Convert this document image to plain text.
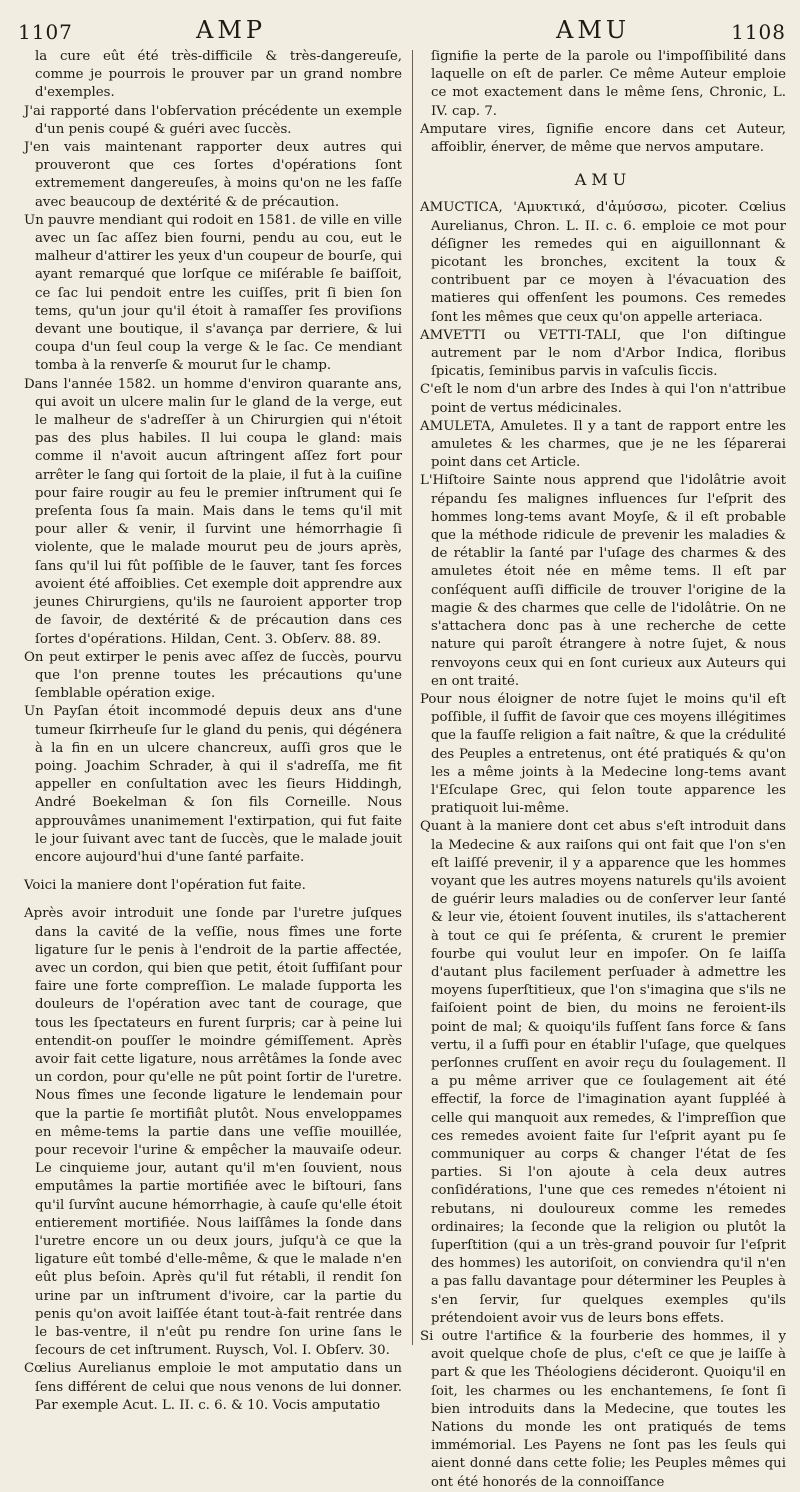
1107	AMP	AMU	1108

la cure eût été très-difficile & très-dangereuſe, comme je pourrois le prouver par un grand nombre d'exemples.

J'ai rapporté dans l'obſervation précédente un exemple d'un penis coupé & guéri avec ſuccès.

J'en vais maintenant rapporter deux autres qui prouveront que ces ſortes d'opérations ſont extremement dangereuſes, à moins qu'on ne les faſſe avec beaucoup de dextérité & de précaution.

Un pauvre mendiant qui rodoit en 1581. de ville en ville avec un ſac aſſez bien fourni, pendu au cou, eut le malheur d'attirer les yeux d'un coupeur de bourſe, qui ayant remarqué que lorſque ce miſérable ſe baiſſoit, ce ſac lui pendoit entre les cuiſſes, prit ſi bien ſon tems, qu'un jour qu'il étoit à ramaſſer ſes proviſions devant une boutique, il s'avança par derriere, & lui coupa d'un ſeul coup la verge & le ſac. Ce mendiant tomba à la renverſe & mourut ſur le champ.

Dans l'année 1582. un homme d'environ quarante ans, qui avoit un ulcere malin ſur le gland de la verge, eut le malheur de s'adreſſer à un Chirurgien qui n'étoit pas des plus habiles. Il lui coupa le gland: mais comme il n'avoit aucun aſtringent aſſez fort pour arrêter le ſang qui ſortoit de la plaie, il fut à la cuiſine pour faire rougir au feu le premier inſtrument qui ſe preſenta ſous ſa main. Mais dans le tems qu'il mit pour aller & venir, il ſurvint une hémorrhagie ſi violente, que le malade mourut peu de jours après, ſans qu'il lui fût poſſible de le ſauver, tant ſes forces avoient été affoiblies. Cet exemple doit apprendre aux jeunes Chirurgiens, qu'ils ne ſauroient apporter trop de ſavoir, de dextérité & de précaution dans ces ſortes d'opérations. Hildan, Cent. 3. Obſerv. 88. 89.

On peut extirper le penis avec aſſez de ſuccès, pourvu que l'on prenne toutes les précautions qu'une ſemblable opération exige.

Un Payſan étoit incommodé depuis deux ans d'une tumeur ſkirrheuſe ſur le gland du penis, qui dégénera à la fin en un ulcere chancreux, auſſi gros que le poing. Joachim Schrader, à qui il s'adreſſa, me fit appeller en conſultation avec les ſieurs Hiddingh, André Boekelman & ſon fils Corneille. Nous approuvâmes unanimement l'extirpation, qui fut faite le jour ſuivant avec tant de ſuccès, que le malade jouit encore aujourd'hui d'une ſanté parfaite.

Voici la maniere dont l'opération fut faite.

Après avoir introduit une ſonde par l'uretre juſques dans la cavité de la veſſie, nous fîmes une forte ligature ſur le penis à l'endroit de la partie affectée, avec un cordon, qui bien que petit, étoit ſuffiſant pour faire une forte compreſſion. Le malade ſupporta les douleurs de l'opération avec tant de courage, que tous les ſpectateurs en furent ſurpris; car à peine lui entendit-on pouſſer le moindre gémiſſement. Après avoir fait cette ligature, nous arrêtâmes la ſonde avec un cordon, pour qu'elle ne pût point ſortir de l'uretre. Nous fîmes une ſeconde ligature le lendemain pour que la partie ſe mortifiât plutôt. Nous enveloppames en même-tems la partie dans une veſſie mouillée, pour recevoir l'urine & empêcher la mauvaiſe odeur. Le cinquieme jour, autant qu'il m'en ſouvient, nous emputâmes la partie mortifiée avec le biſtouri, ſans qu'il ſurvînt aucune hémorrhagie, à cauſe qu'elle étoit entierement mortifiée. Nous laiſſâmes la ſonde dans l'uretre encore un ou deux jours, juſqu'à ce que la ligature eût tombé d'elle-même, & que le malade n'en eût plus beſoin. Après qu'il fut rétabli, il rendit ſon urine par un inſtrument d'ivoire, car la partie du penis qu'on avoit laiſſée étant tout-à-fait rentrée dans le bas-ventre, il n'eût pu rendre ſon urine ſans le ſecours de cet inſtrument. Ruysch, Vol. I. Obſerv. 30.

Cœlius Aurelianus emploie le mot amputatio dans un ſens différent de celui que nous venons de lui donner. Par exemple Acut. L. II. c. 6. & 10. Vocis amputatio

ſignifie la perte de la parole ou l'impoſſibilité dans laquelle on eſt de parler. Ce même Auteur emploie ce mot exactement dans le même ſens, Chronic, L. IV. cap. 7.

Amputare vires, ſignifie encore dans cet Auteur, affoiblir, énerver, de même que nervos amputare.

AMU

AMUCTICA, 'Αμυκτικά, d'ἀμύσσω, picoter. Cœlius Aurelianus, Chron. L. II. c. 6. emploie ce mot pour déſigner les remedes qui en aiguillonnant & picotant les bronches, excitent la toux & contribuent par ce moyen à l'évacuation des matieres qui offenſent les poumons. Ces remedes ſont les mêmes que ceux qu'on appelle arteriaca.

AMVETTI ou VETTI-TALI, que l'on diſtingue autrement par le nom d'Arbor Indica, floribus ſpicatis, ſeminibus parvis in vaſculis ſiccis.

C'eſt le nom d'un arbre des Indes à qui l'on n'attribue point de vertus médicinales.

AMULETA, Amuletes. Il y a tant de rapport entre les amuletes & les charmes, que je ne les ſéparerai point dans cet Article.

L'Hiſtoire Sainte nous apprend que l'idolâtrie avoit répandu ſes malignes influences ſur l'eſprit des hommes long-tems avant Moyſe, & il eſt probable que la méthode ridicule de prevenir les maladies & de rétablir la ſanté par l'uſage des charmes & des amuletes étoit née en même tems. Il eſt par conſéquent auſſi difficile de trouver l'origine de la magie & des charmes que celle de l'idolâtrie. On ne s'attachera donc pas à une recherche de cette nature qui paroît étrangere à notre ſujet, & nous renvoyons ceux qui en ſont curieux aux Auteurs qui en ont traité.

Pour nous éloigner de notre ſujet le moins qu'il eſt poſſible, il ſuffit de ſavoir que ces moyens illégitimes que la fauſſe religion a fait naître, & que la crédulité des Peuples a entretenus, ont été pratiqués & qu'on les a même joints à la Medecine long-tems avant l'Eſculape Grec, qui ſelon toute apparence les pratiquoit lui-même.

Quant à la maniere dont cet abus s'eſt introduit dans la Medecine & aux raiſons qui ont fait que l'on s'en eſt laiſſé prevenir, il y a apparence que les hommes voyant que les autres moyens naturels qu'ils avoient de guérir leurs maladies ou de conſerver leur ſanté & leur vie, étoient ſouvent inutiles, ils s'attacherent à tout ce qui ſe préſenta, & crurent le premier fourbe qui voulut leur en impoſer. On ſe laiſſa d'autant plus facilement perſuader à admettre les moyens ſuperſtitieux, que l'on s'imagina que s'ils ne faiſoient point de bien, du moins ne feroient-ils point de mal; & quoiqu'ils fuſſent ſans force & ſans vertu, il a ſuffi pour en établir l'uſage, que quelques perſonnes cruſſent en avoir reçu du ſoulagement. Il a pu même arriver que ce ſoulagement ait été effectif, la force de l'imagination ayant ſuppléé à celle qui manquoit aux remedes, & l'impreſſion que ces remedes avoient faite ſur l'eſprit ayant pu ſe communiquer au corps & changer l'état de ſes parties. Si l'on ajoute à cela deux autres conſidérations, l'une que ces remedes n'étoient ni rebutans, ni douloureux comme les remedes ordinaires; la ſeconde que la religion ou plutôt la ſuperſtition (qui a un très-grand pouvoir ſur l'eſprit des hommes) les autoriſoit, on conviendra qu'il n'en a pas fallu davantage pour déterminer les Peuples à s'en ſervir, ſur quelques exemples qu'ils prétendoient avoir vus de leurs bons effets.

Si outre l'artifice & la fourberie des hommes, il y avoit quelque choſe de plus, c'eſt ce que je laiſſe à part & que les Théologiens décideront. Quoiqu'il en ſoit, les charmes ou les enchantemens, ſe ſont ſi bien introduits dans la Medecine, que toutes les Nations du monde les ont pratiqués de tems immémorial. Les Payens ne ſont pas les ſeuls qui aient donné dans cette folie; les Peuples mêmes qui ont été honorés de la connoiſſance
